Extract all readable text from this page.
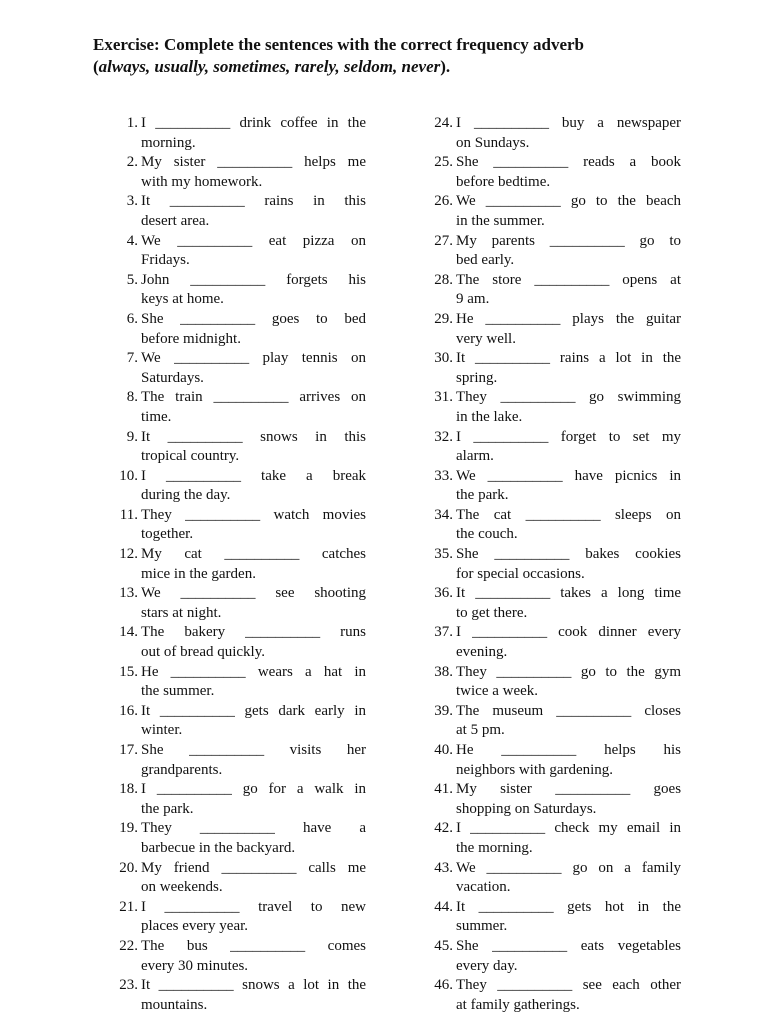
Exercise: Complete the sentences with the correct frequency adverb
(always, usually, sometimes, rarely, seldom, never).
1. I __________ drink coffee in the
morning.
2. My sister __________ helps me
with my homework.
3. It __________ rains in this
desert area.
4. We __________ eat pizza on
Fridays.
5. John __________ forgets his
keys at home.
6. She __________ goes to bed
before midnight.
7. We __________ play tennis on
Saturdays.
8. The train __________ arrives on
time.
9. It __________ snows in this
tropical country.
10. I __________ take a break
during the day.
11. They __________ watch movies
together.
12. My cat __________ catches
mice in the garden.
13. We __________ see shooting
stars at night.
14. The bakery __________ runs
out of bread quickly.
15. He __________ wears a hat in
the summer.
16. It __________ gets dark early in
winter.
17. She __________ visits her
grandparents.
18. I __________ go for a walk in
the park.
19. They __________ have a
barbecue in the backyard.
20. My friend __________ calls me
on weekends.
21. I __________ travel to new
places every year.
22. The bus __________ comes
every 30 minutes.
23. It __________ snows a lot in the
mountains.
24. I __________ buy a newspaper
on Sundays.
25. She __________ reads a book
before bedtime.
26. We __________ go to the beach
in the summer.
27. My parents __________ go to
bed early.
28. The store __________ opens at
9 am.
29. He __________ plays the guitar
very well.
30. It __________ rains a lot in the
spring.
31. They __________ go swimming
in the lake.
32. I __________ forget to set my
alarm.
33. We __________ have picnics in
the park.
34. The cat __________ sleeps on
the couch.
35. She __________ bakes cookies
for special occasions.
36. It __________ takes a long time
to get there.
37. I __________ cook dinner every
evening.
38. They __________ go to the gym
twice a week.
39. The museum __________ closes
at 5 pm.
40. He __________ helps his
neighbors with gardening.
41. My sister __________ goes
shopping on Saturdays.
42. I __________ check my email in
the morning.
43. We __________ go on a family
vacation.
44. It __________ gets hot in the
summer.
45. She __________ eats vegetables
every day.
46. They __________ see each other
at family gatherings.
